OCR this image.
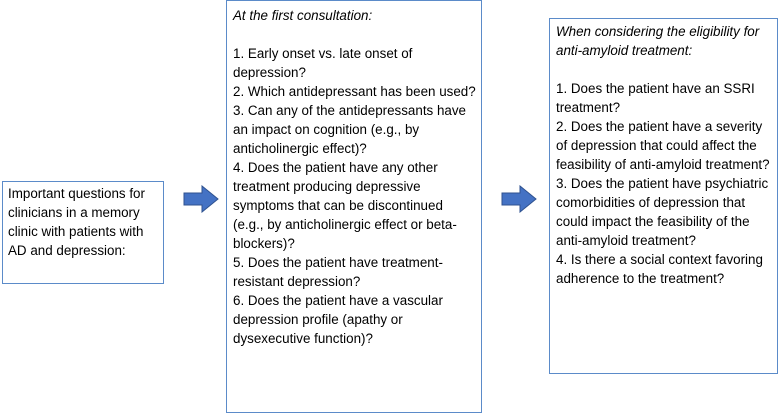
Important questions for clinicians in a memory clinic with patients with AD and depression:

At the first consultation:

1. Early onset vs. late onset of depression?

2. Which antidepressant has been used?

3. Can any of the antidepressants have an impact on cognition (e.g., by anticholinergic effect)?

4. Does the patient have any other treatment producing depressive symptoms that can be discontinued (e.g., by anticholinergic effect or beta-blockers)?

5. Does the patient have treatment-resistant depression?

6. Does the patient have a vascular depression profile (apathy or dysexecutive function)?

When considering the eligibility for anti-amyloid treatment:

1. Does the patient have an SSRI treatment?

2. Does the patient have a severity of depression that could affect the feasibility of anti-amyloid treatment?

3. Does the patient have psychiatric comorbidities of depression that could impact the feasibility of the anti-amyloid treatment?

4. Is there a social context favoring adherence to the treatment?
